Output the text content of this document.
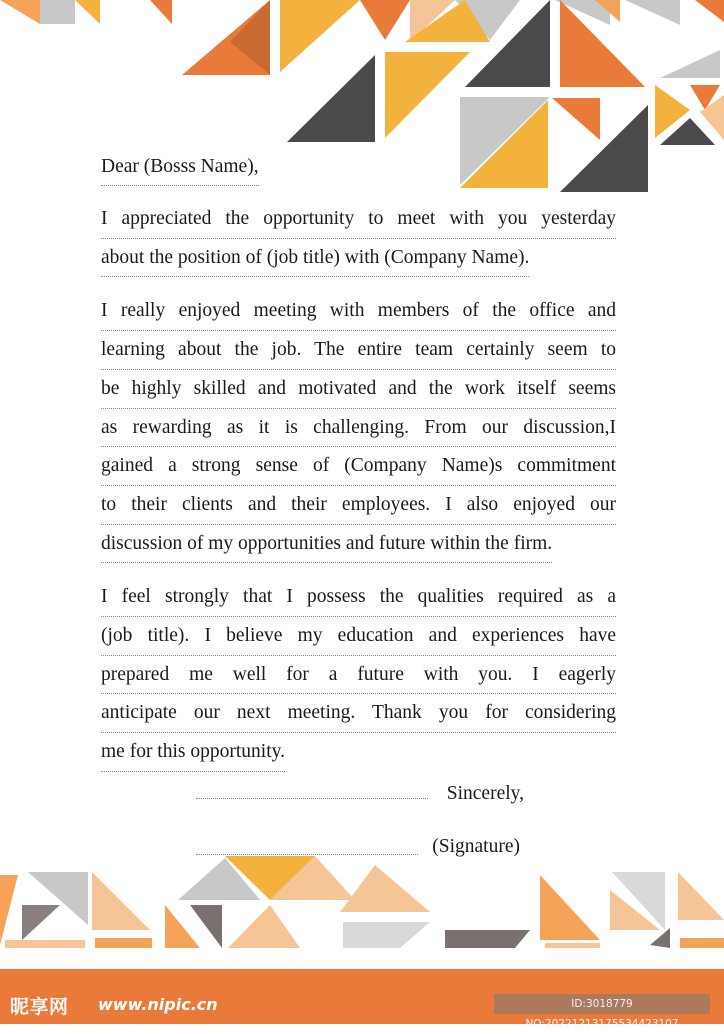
Dear (Bosss Name),
I appreciated the opportunity to meet with you yesterday
about the position of (job title) with (Company Name).
I really enjoyed meeting with members of the office and
learning about the job. The entire team certainly seem to
be highly skilled and motivated and the work itself seems
as rewarding as it is challenging. From our discussion,I
gained a strong sense of (Company Name)s commitment
to their clients and their employees. I also enjoyed our
discussion of my opportunities and future within the firm.
I feel strongly that I possess the qualities required as a
(job title). I believe my education and experiences have
prepared me well for a future with you. I eagerly
anticipate our next meeting. Thank you for considering
me for this opportunity.
Sincerely,
(Signature)
昵享网 www.nipic.cn	ID:3018779 NO:20221213175534423107
